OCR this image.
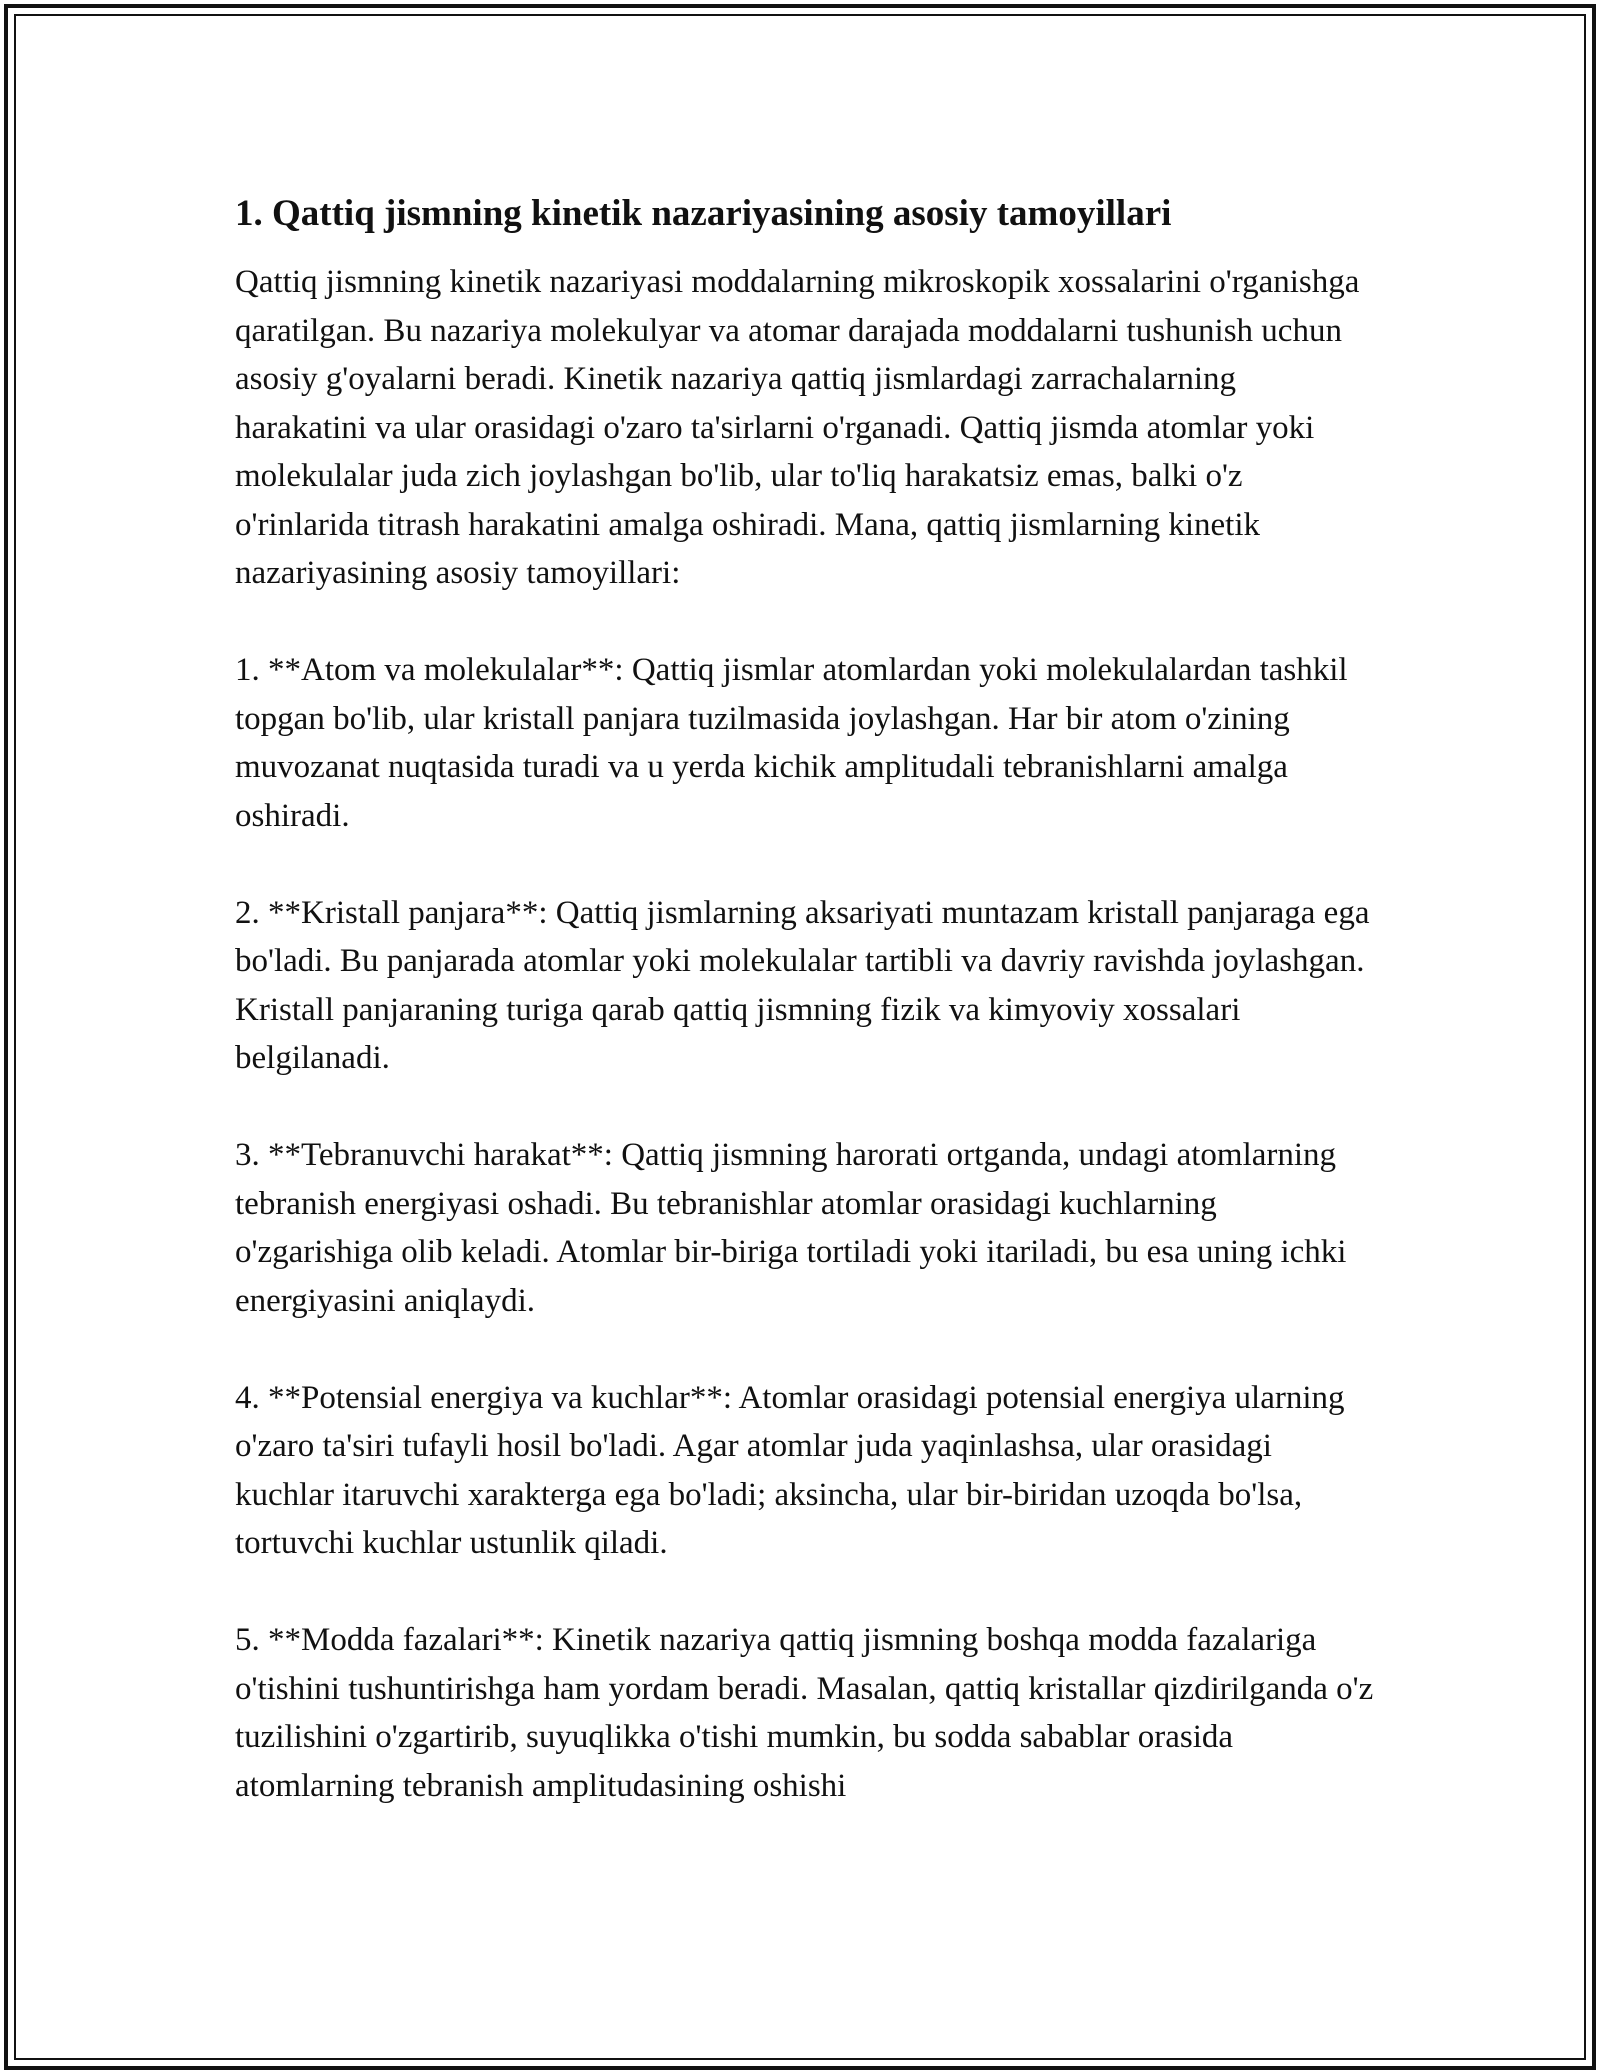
1. Qattiq jismning kinetik nazariyasining asosiy tamoyillari

Qattiq jismning kinetik nazariyasi moddalarning mikroskopik xossalarini o'rganishga qaratilgan. Bu nazariya molekulyar va atomar darajada moddalarni tushunish uchun asosiy g'oyalarni beradi. Kinetik nazariya qattiq jismlardagi zarrachalarning harakatini va ular orasidagi o'zaro ta'sirlarni o'rganadi. Qattiq jismda atomlar yoki molekulalar juda zich joylashgan bo'lib, ular to'liq harakatsiz emas, balki o'z o'rinlarida titrash harakatini amalga oshiradi. Mana, qattiq jismlarning kinetik nazariyasining asosiy tamoyillari:

1. **Atom va molekulalar**: Qattiq jismlar atomlardan yoki molekulalardan tashkil topgan bo'lib, ular kristall panjara tuzilmasida joylashgan. Har bir atom o'zining muvozanat nuqtasida turadi va u yerda kichik amplitudali tebranishlarni amalga oshiradi.

2. **Kristall panjara**: Qattiq jismlarning aksariyati muntazam kristall panjaraga ega bo'ladi. Bu panjarada atomlar yoki molekulalar tartibli va davriy ravishda joylashgan. Kristall panjaraning turiga qarab qattiq jismning fizik va kimyoviy xossalari belgilanadi.

3. **Tebranuvchi harakat**: Qattiq jismning harorati ortganda, undagi atomlarning tebranish energiyasi oshadi. Bu tebranishlar atomlar orasidagi kuchlarning o'zgarishiga olib keladi. Atomlar bir-biriga tortiladi yoki itariladi, bu esa uning ichki energiyasini aniqlaydi.

4. **Potensial energiya va kuchlar**: Atomlar orasidagi potensial energiya ularning o'zaro ta'siri tufayli hosil bo'ladi. Agar atomlar juda yaqinlashsa, ular orasidagi kuchlar itaruvchi xarakterga ega bo'ladi; aksincha, ular bir-biridan uzoqda bo'lsa, tortuvchi kuchlar ustunlik qiladi.

5. **Modda fazalari**: Kinetik nazariya qattiq jismning boshqa modda fazalariga o'tishini tushuntirishga ham yordam beradi. Masalan, qattiq kristallar qizdirilganda o'z tuzilishini o'zgartirib, suyuqlikka o'tishi mumkin, bu sodda sabablar orasida atomlarning tebranish amplitudasining oshishi
